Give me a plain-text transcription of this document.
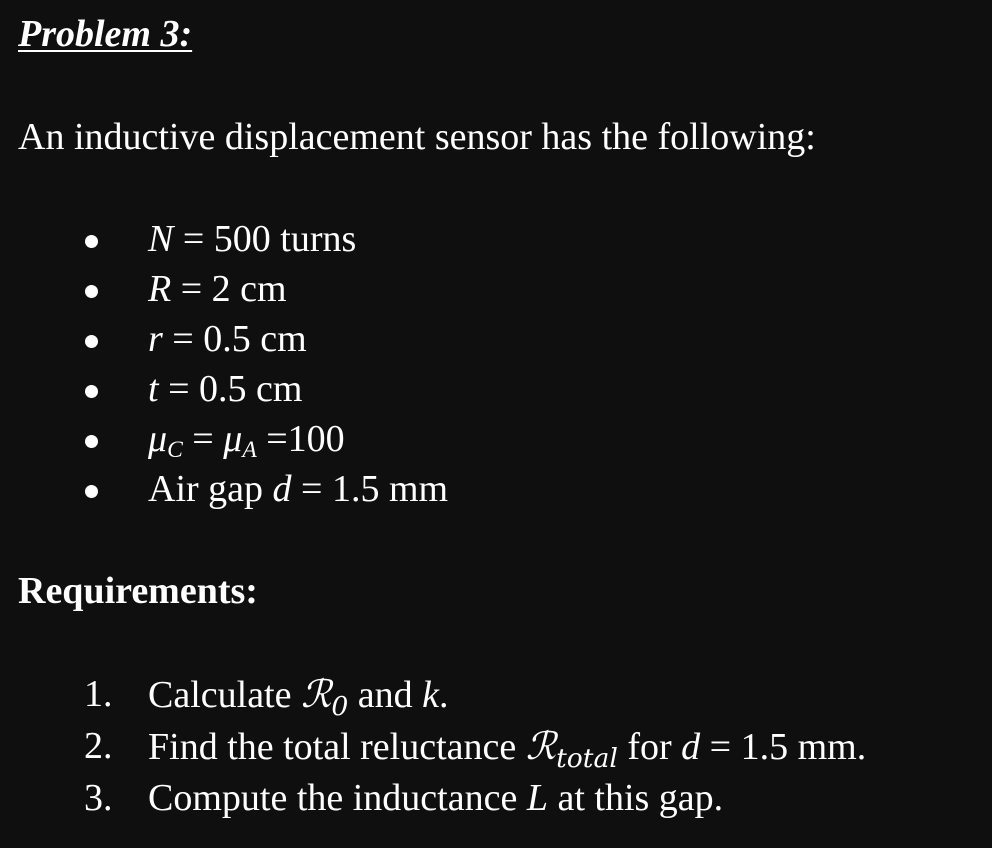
Problem 3:
An inductive displacement sensor has the following:
N = 500 turns
R = 2 cm
r = 0.5 cm
t = 0.5 cm
$\mu_C = \mu_A =100$
Air gap d = 1.5 mm
Requirements:
1. Calculate ℛ$_0$ and k.
2. Find the total reluctance ℛ$_{total}$ for d = 1.5 mm.
3. Compute the inductance L at this gap.
